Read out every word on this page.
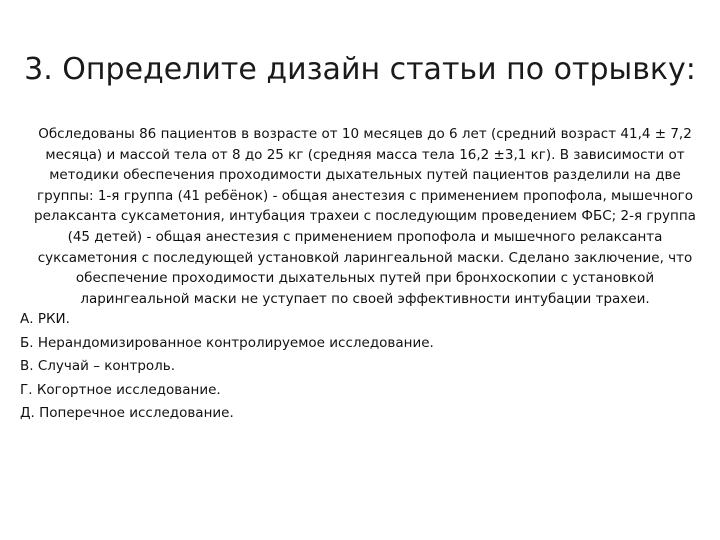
3. Определите дизайн статьи по отрывку:

Обследованы 86 пациентов в возрасте от 10 месяцев до 6 лет (средний возраст 41,4 ± 7,2 месяца) и массой тела от 8 до 25 кг (средняя масса тела 16,2 ±3,1 кг). В зависимости от методики обеспечения проходимости дыхательных путей пациентов разделили на две группы: 1-я группа (41 ребёнок) - общая анестезия с применением пропофола, мышечного релаксанта суксаметония, интубация трахеи с последующим проведением ФБС; 2-я группа (45 детей) - общая анестезия с применением пропофола и мышечного релаксанта суксаметония с последующей установкой ларингеальной маски. Сделано заключение, что обеспечение проходимости дыхательных путей при бронхоскопии с установкой ларингеальной маски не уступает по своей эффективности интубации трахеи.

А. РКИ.
Б. Нерандомизированное контролируемое исследование.
В. Случай – контроль.
Г. Когортное исследование.
Д. Поперечное исследование.
